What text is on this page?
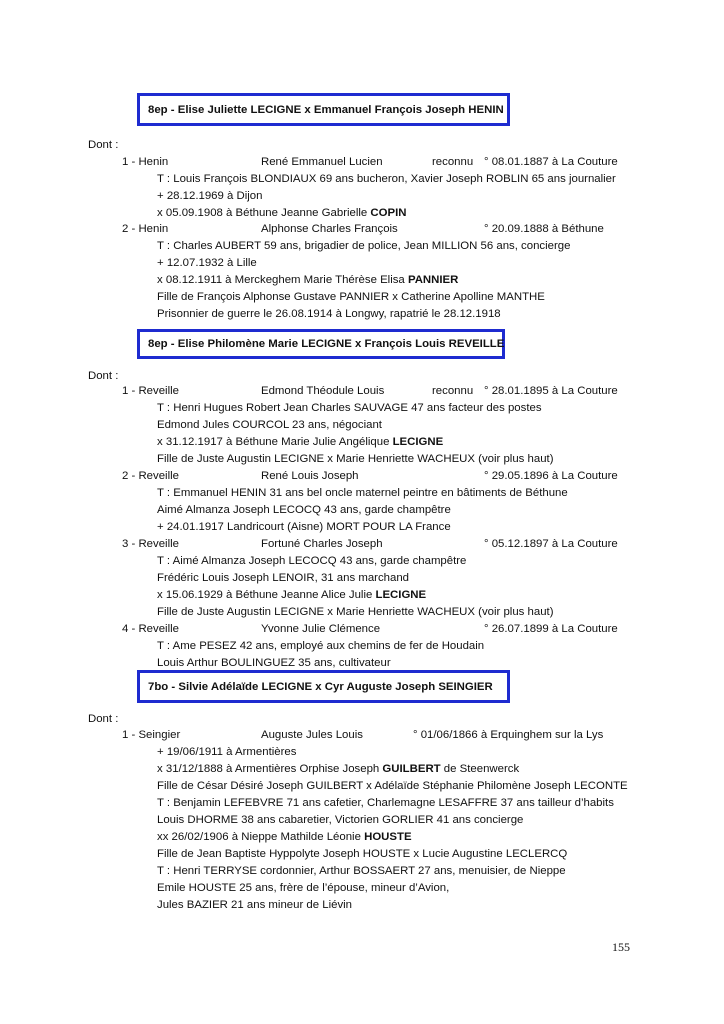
8ep - Elise Juliette LECIGNE x Emmanuel François Joseph HENIN
Dont :
1 - Henin	René Emmanuel Lucien	reconnu ° 08.01.1887 à La Couture
T : Louis François BLONDIAUX 69 ans bucheron, Xavier Joseph ROBLIN 65 ans journalier
+ 28.12.1969 à Dijon
x 05.09.1908 à Béthune Jeanne Gabrielle COPIN
2 - Henin	Alphonse Charles François	° 20.09.1888 à Béthune
T : Charles AUBERT 59 ans, brigadier de police, Jean MILLION 56 ans, concierge
+ 12.07.1932 à Lille
x 08.12.1911 à Merckeghem Marie Thérèse Elisa PANNIER
Fille de François Alphonse Gustave PANNIER x Catherine Apolline MANTHE
Prisonnier de guerre le 26.08.1914 à Longwy, rapatrié le 28.12.1918
8ep - Elise Philomène Marie LECIGNE x François Louis REVEILLE
Dont :
1 - Reveille	Edmond Théodule Louis	reconnu ° 28.01.1895 à La Couture
T : Henri Hugues Robert Jean Charles SAUVAGE 47 ans facteur des postes
Edmond Jules COURCOL 23 ans, négociant
x 31.12.1917 à Béthune Marie Julie Angélique LECIGNE
Fille de Juste Augustin LECIGNE x Marie Henriette WACHEUX (voir plus haut)
2 - Reveille	René Louis Joseph	° 29.05.1896 à La Couture
T : Emmanuel HENIN 31 ans bel oncle maternel peintre en bâtiments de Béthune
Aimé Almanza Joseph LECOCQ 43 ans, garde champêtre
+ 24.01.1917 Landricourt (Aisne) MORT POUR LA France
3 - Reveille	Fortuné Charles Joseph	° 05.12.1897 à La Couture
T : Aimé Almanza Joseph LECOCQ 43 ans, garde champêtre
Frédéric Louis Joseph LENOIR, 31 ans marchand
x 15.06.1929 à Béthune Jeanne Alice Julie LECIGNE
Fille de Juste Augustin LECIGNE x Marie Henriette WACHEUX (voir plus haut)
4 - Reveille	Yvonne Julie Clémence	° 26.07.1899 à La Couture
T : Ame PESEZ 42 ans, employé aux chemins de fer de Houdain
Louis Arthur BOULINGUEZ 35 ans, cultivateur
7bo - Silvie Adélaïde LECIGNE x Cyr Auguste Joseph SEINGIER
Dont :
1 - Seingier	Auguste Jules Louis	° 01/06/1866 à Erquinghem sur la Lys
+ 19/06/1911 à Armentières
x 31/12/1888 à Armentières Orphise Joseph GUILBERT de Steenwerck
Fille de César Désiré Joseph GUILBERT x Adélaïde Stéphanie Philomène Joseph LECONTE
T : Benjamin LEFEBVRE 71 ans cafetier, Charlemagne LESAFFRE 37 ans tailleur d’habits
Louis DHORME 38 ans cabaretier, Victorien GORLIER 41 ans concierge
xx 26/02/1906 à Nieppe Mathilde Léonie HOUSTE
Fille de Jean Baptiste Hyppolyte Joseph HOUSTE x Lucie Augustine LECLERCQ
T : Henri TERRYSE cordonnier, Arthur BOSSAERT 27 ans, menuisier, de Nieppe
Emile HOUSTE 25 ans, frère de l’épouse, mineur d’Avion,
Jules BAZIER 21 ans mineur de Liévin
155
